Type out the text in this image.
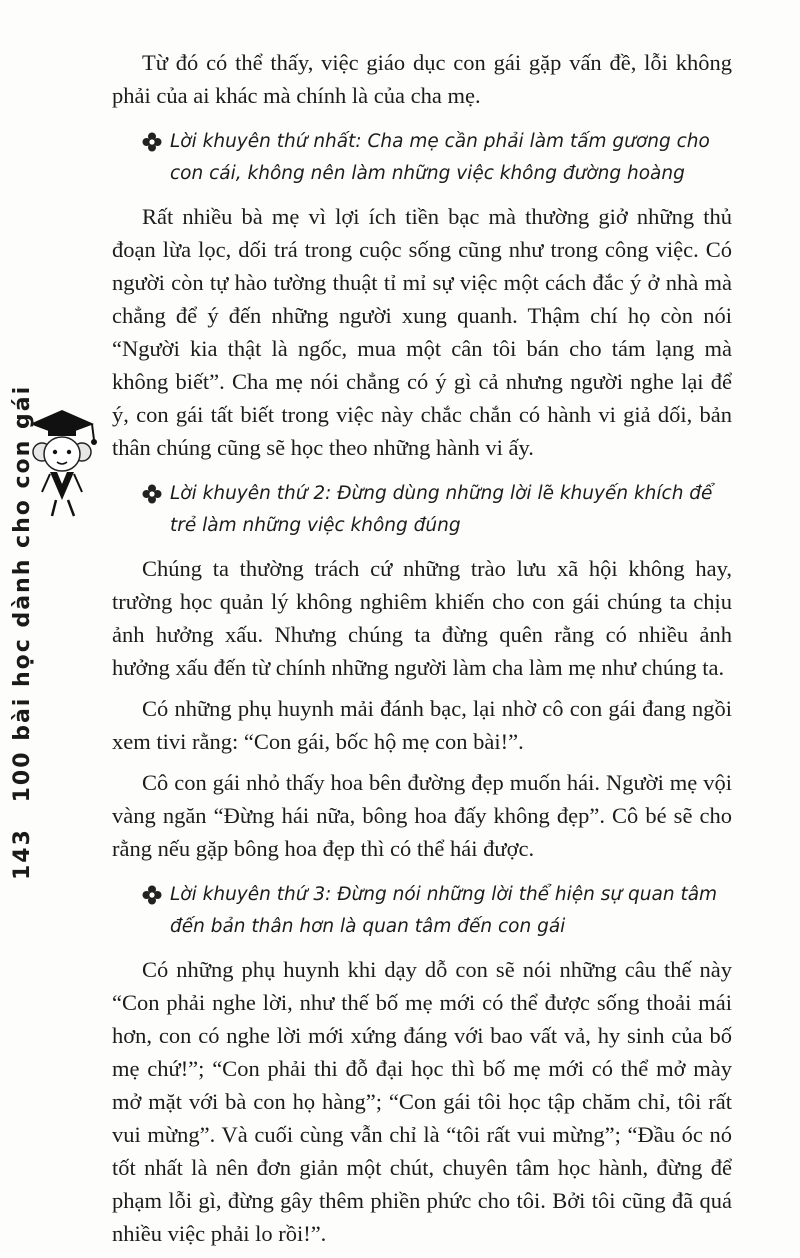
143 100 bài học dành cho con gái

Từ đó có thể thấy, việc giáo dục con gái gặp vấn đề, lỗi không phải của ai khác mà chính là của cha mẹ.

Lời khuyên thứ nhất: Cha mẹ cần phải làm tấm gương cho con cái, không nên làm những việc không đường hoàng

Rất nhiều bà mẹ vì lợi ích tiền bạc mà thường giở những thủ đoạn lừa lọc, dối trá trong cuộc sống cũng như trong công việc. Có người còn tự hào tường thuật tỉ mỉ sự việc một cách đắc ý ở nhà mà chẳng để ý đến những người xung quanh. Thậm chí họ còn nói “Người kia thật là ngốc, mua một cân tôi bán cho tám lạng mà không biết”. Cha mẹ nói chẳng có ý gì cả nhưng người nghe lại để ý, con gái tất biết trong việc này chắc chắn có hành vi giả dối, bản thân chúng cũng sẽ học theo những hành vi ấy.

Lời khuyên thứ 2: Đừng dùng những lời lẽ khuyến khích để trẻ làm những việc không đúng

Chúng ta thường trách cứ những trào lưu xã hội không hay, trường học quản lý không nghiêm khiến cho con gái chúng ta chịu ảnh hưởng xấu. Nhưng chúng ta đừng quên rằng có nhiều ảnh hưởng xấu đến từ chính những người làm cha làm mẹ như chúng ta.

Có những phụ huynh mải đánh bạc, lại nhờ cô con gái đang ngồi xem tivi rằng: “Con gái, bốc hộ mẹ con bài!”.

Cô con gái nhỏ thấy hoa bên đường đẹp muốn hái. Người mẹ vội vàng ngăn “Đừng hái nữa, bông hoa đấy không đẹp”. Cô bé sẽ cho rằng nếu gặp bông hoa đẹp thì có thể hái được.

Lời khuyên thứ 3: Đừng nói những lời thể hiện sự quan tâm đến bản thân hơn là quan tâm đến con gái

Có những phụ huynh khi dạy dỗ con sẽ nói những câu thế này “Con phải nghe lời, như thế bố mẹ mới có thể được sống thoải mái hơn, con có nghe lời mới xứng đáng với bao vất vả, hy sinh của bố mẹ chứ!”; “Con phải thi đỗ đại học thì bố mẹ mới có thể mở mày mở mặt với bà con họ hàng”; “Con gái tôi học tập chăm chỉ, tôi rất vui mừng”. Và cuối cùng vẫn chỉ là “tôi rất vui mừng”; “Đầu óc nó tốt nhất là nên đơn giản một chút, chuyên tâm học hành, đừng để phạm lỗi gì, đừng gây thêm phiền phức cho tôi. Bởi tôi cũng đã quá nhiều việc phải lo rồi!”.
